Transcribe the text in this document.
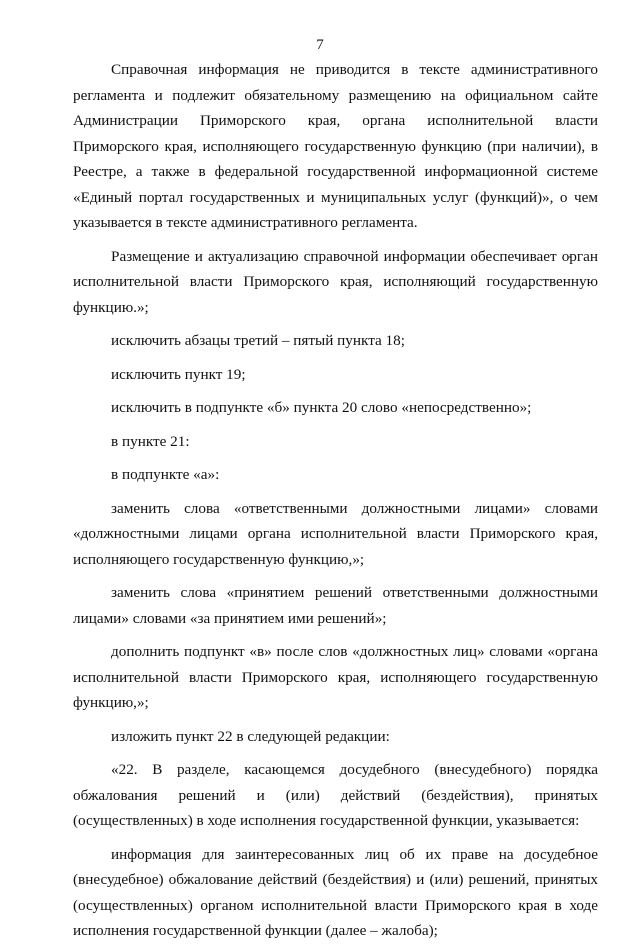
7
Справочная информация не приводится в тексте административного
регламента и подлежит обязательному размещению на официальном сайте
Администрации Приморского края, органа исполнительной власти
Приморского края, исполняющего государственную функцию (при наличии), в
Реестре, а также в федеральной государственной информационной системе
«Единый портал государственных и муниципальных услуг (функций)», о чем
указывается в тексте административного регламента.
Размещение и актуализацию справочной информации обеспечивает орган
исполнительной власти Приморского края, исполняющий государственную
функцию.»;
исключить абзацы третий – пятый пункта 18;
исключить пункт 19;
исключить в подпункте «б» пункта 20 слово «непосредственно»;
в пункте 21:
в подпункте «а»:
заменить слова «ответственными должностными лицами» словами
«должностными лицами органа исполнительной власти Приморского края,
исполняющего государственную функцию,»;
заменить слова «принятием решений ответственными должностными
лицами» словами «за принятием ими решений»;
дополнить подпункт «в» после слов «должностных лиц» словами «органа
исполнительной власти Приморского края, исполняющего государственную
функцию,»;
изложить пункт 22 в следующей редакции:
«22. В разделе, касающемся досудебного (внесудебного) порядка
обжалования решений и (или) действий (бездействия), принятых
(осуществленных) в ходе исполнения государственной функции, указывается:
информация для заинтересованных лиц об их праве на досудебное
(внесудебное) обжалование действий (бездействия) и (или) решений, принятых
(осуществленных) органом исполнительной власти Приморского края в ходе
исполнения государственной функции (далее – жалоба);
